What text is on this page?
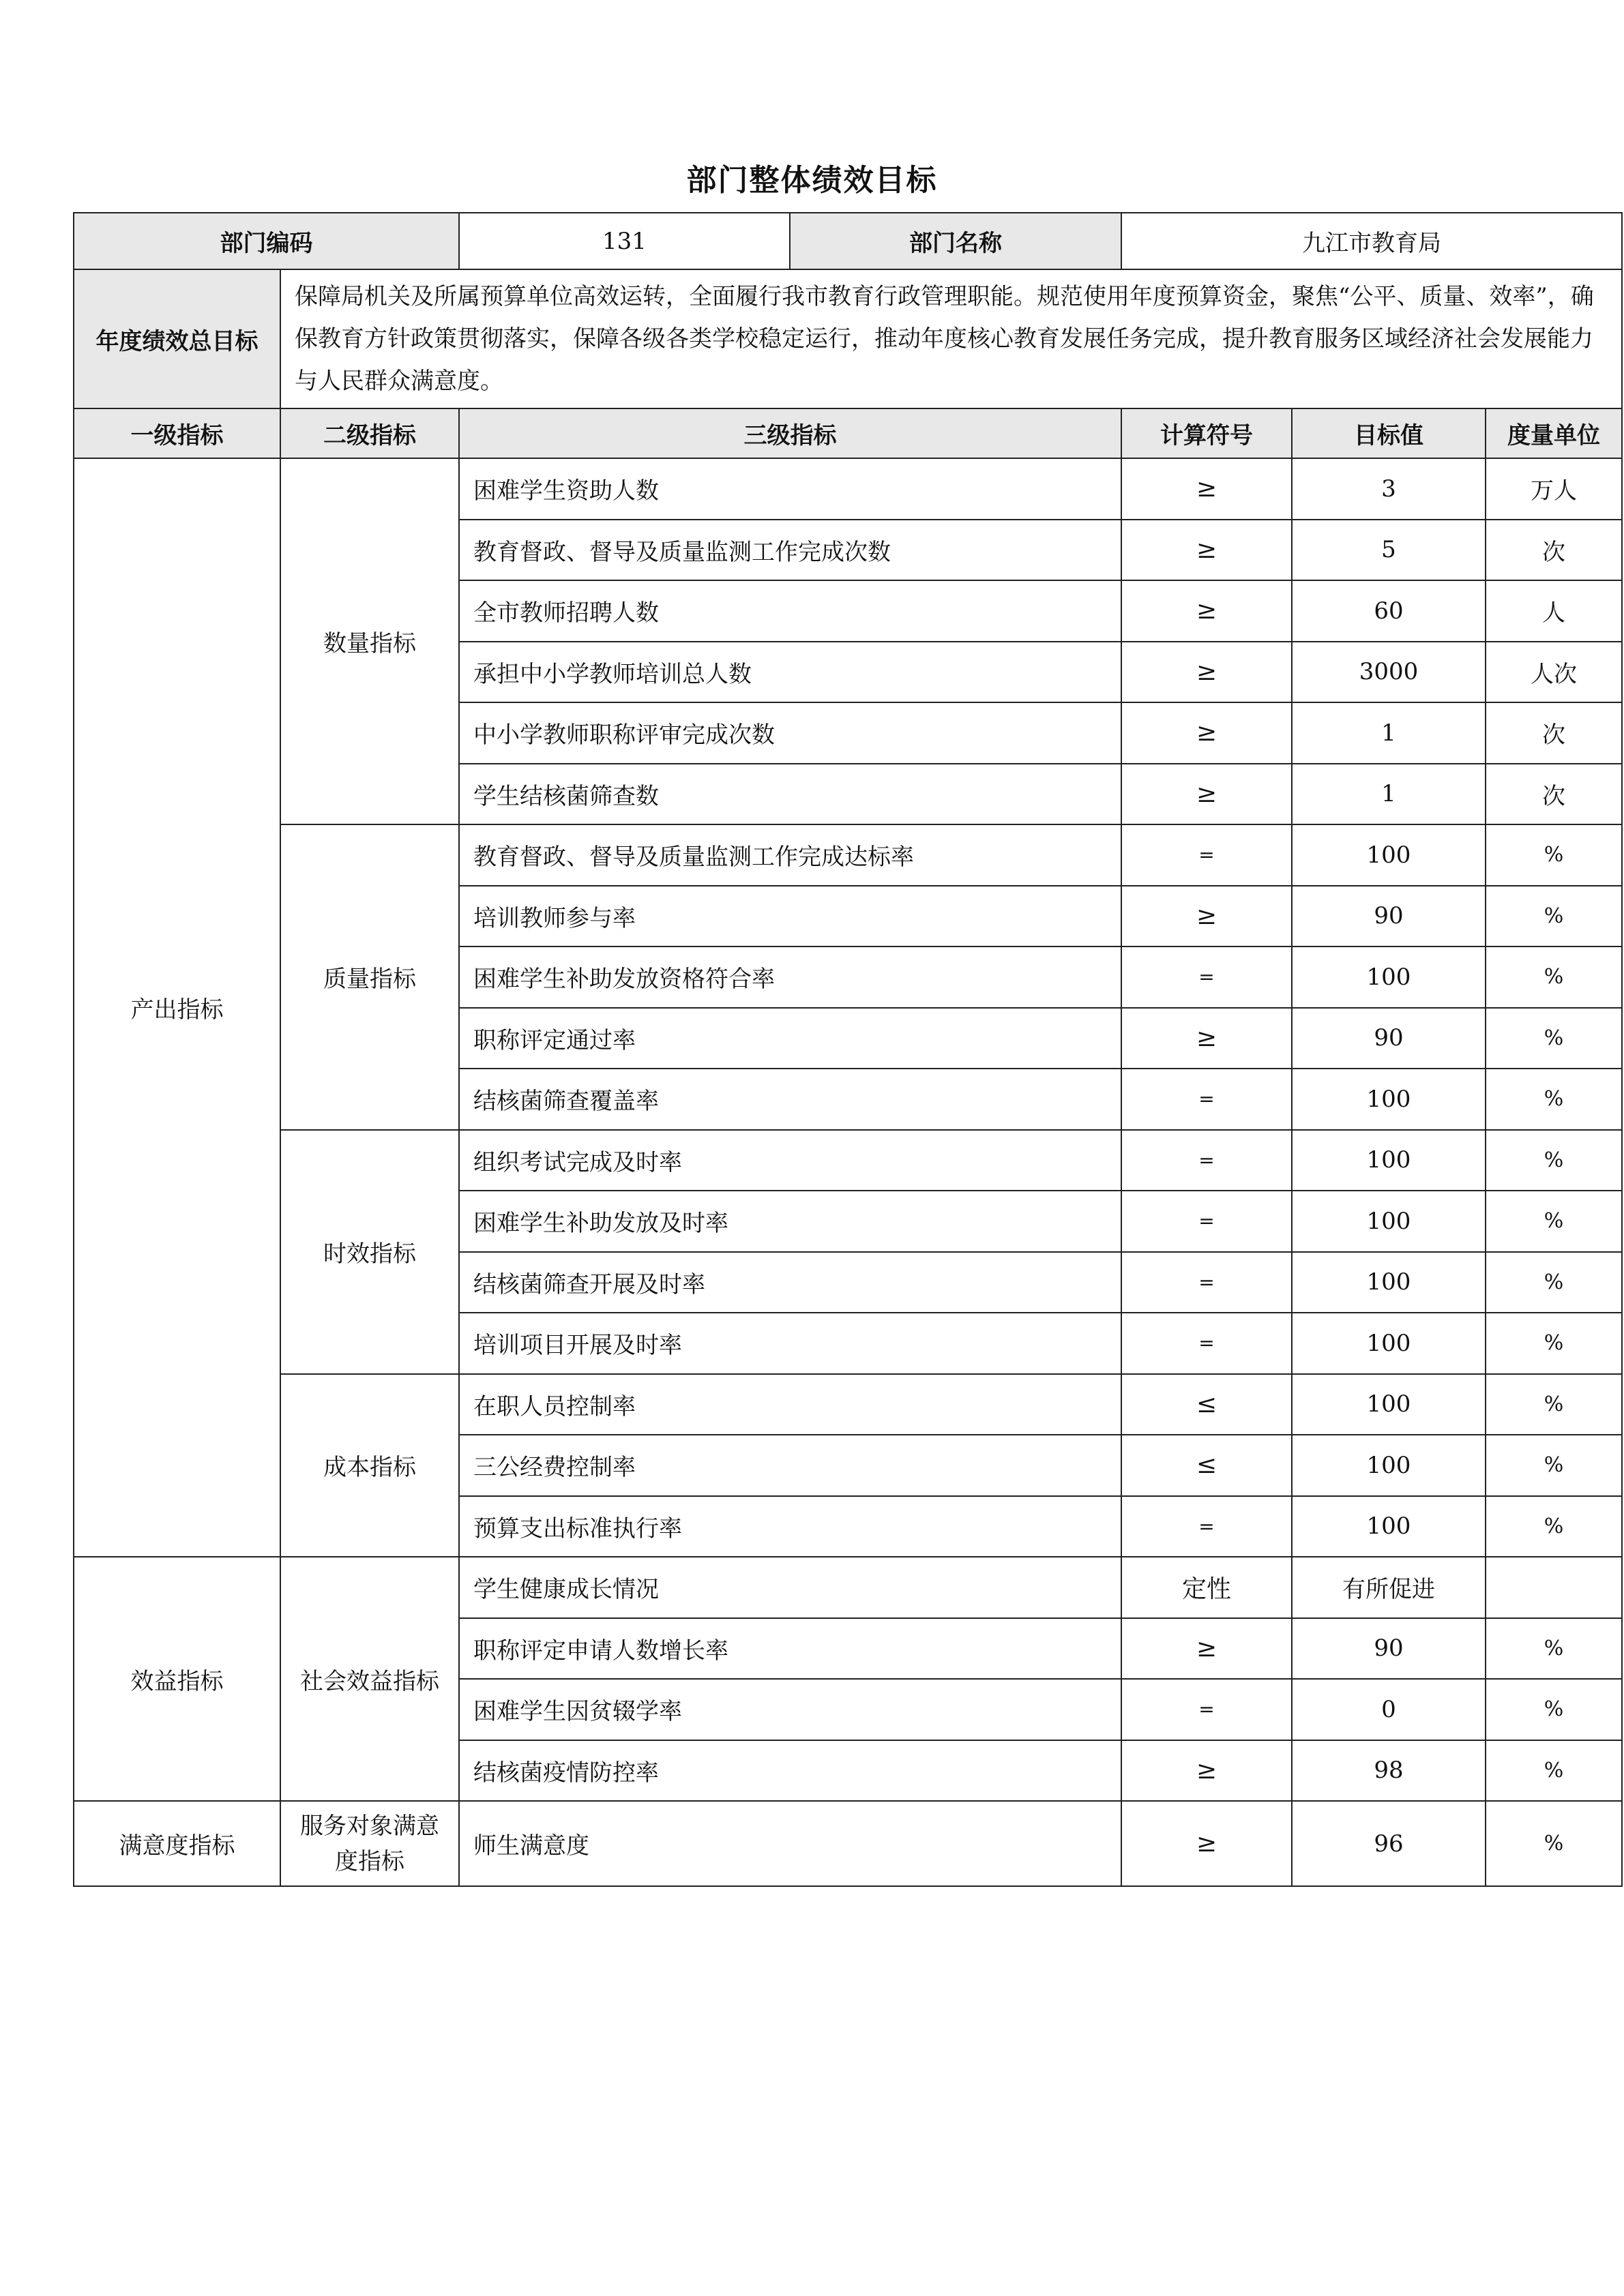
部门整体绩效目标
部门编码		131	部门名称	九江市教育局		
年度绩效总目标	保障局机关及所属预算单位高效运转，全面履行我市教育行政管理职能。规范使用年度预算资金，聚焦“公平、质量、效率”，确保教育方针政策贯彻落实，保障各级各类学校稳定运行，推动年度核心教育发展任务完成，提升教育服务区域经济社会发展能力与人民群众满意度。					
一级指标	二级指标	三级指标		计算符号	目标值	度量单位
产出指标	数量指标	困难学生资助人数		≥	3	万人
		教育督政、督导及质量监测工作完成次数		≥	5	次
		全市教师招聘人数		≥	60	人
		承担中小学教师培训总人数		≥	3000	人次
		中小学教师职称评审完成次数		≥	1	次
		学生结核菌筛查数		≥	1	次
	质量指标	教育督政、督导及质量监测工作完成达标率		=	100	%
		培训教师参与率		≥	90	%
		困难学生补助发放资格符合率		=	100	%
		职称评定通过率		≥	90	%
		结核菌筛查覆盖率		=	100	%
	时效指标	组织考试完成及时率		=	100	%
		困难学生补助发放及时率		=	100	%
		结核菌筛查开展及时率		=	100	%
		培训项目开展及时率		=	100	%
	成本指标	在职人员控制率		≤	100	%
		三公经费控制率		≤	100	%
		预算支出标准执行率		=	100	%
效益指标	社会效益指标	学生健康成长情况		定性	有所促进	
		职称评定申请人数增长率		≥	90	%
		困难学生因贫辍学率		=	0	%
		结核菌疫情防控率		≥	98	%
满意度指标	服务对象满意度指标	师生满意度		≥	96	%
